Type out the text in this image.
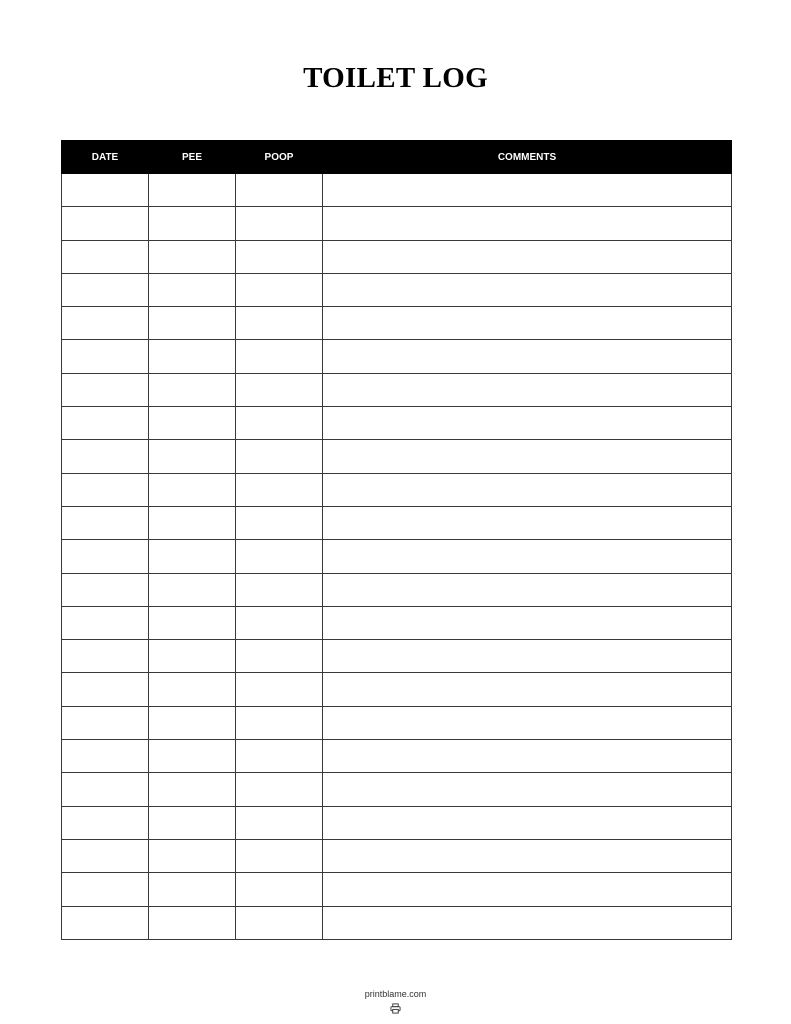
TOILET LOG
DATE	PEE	POOP	COMMENTS

printblame.com
